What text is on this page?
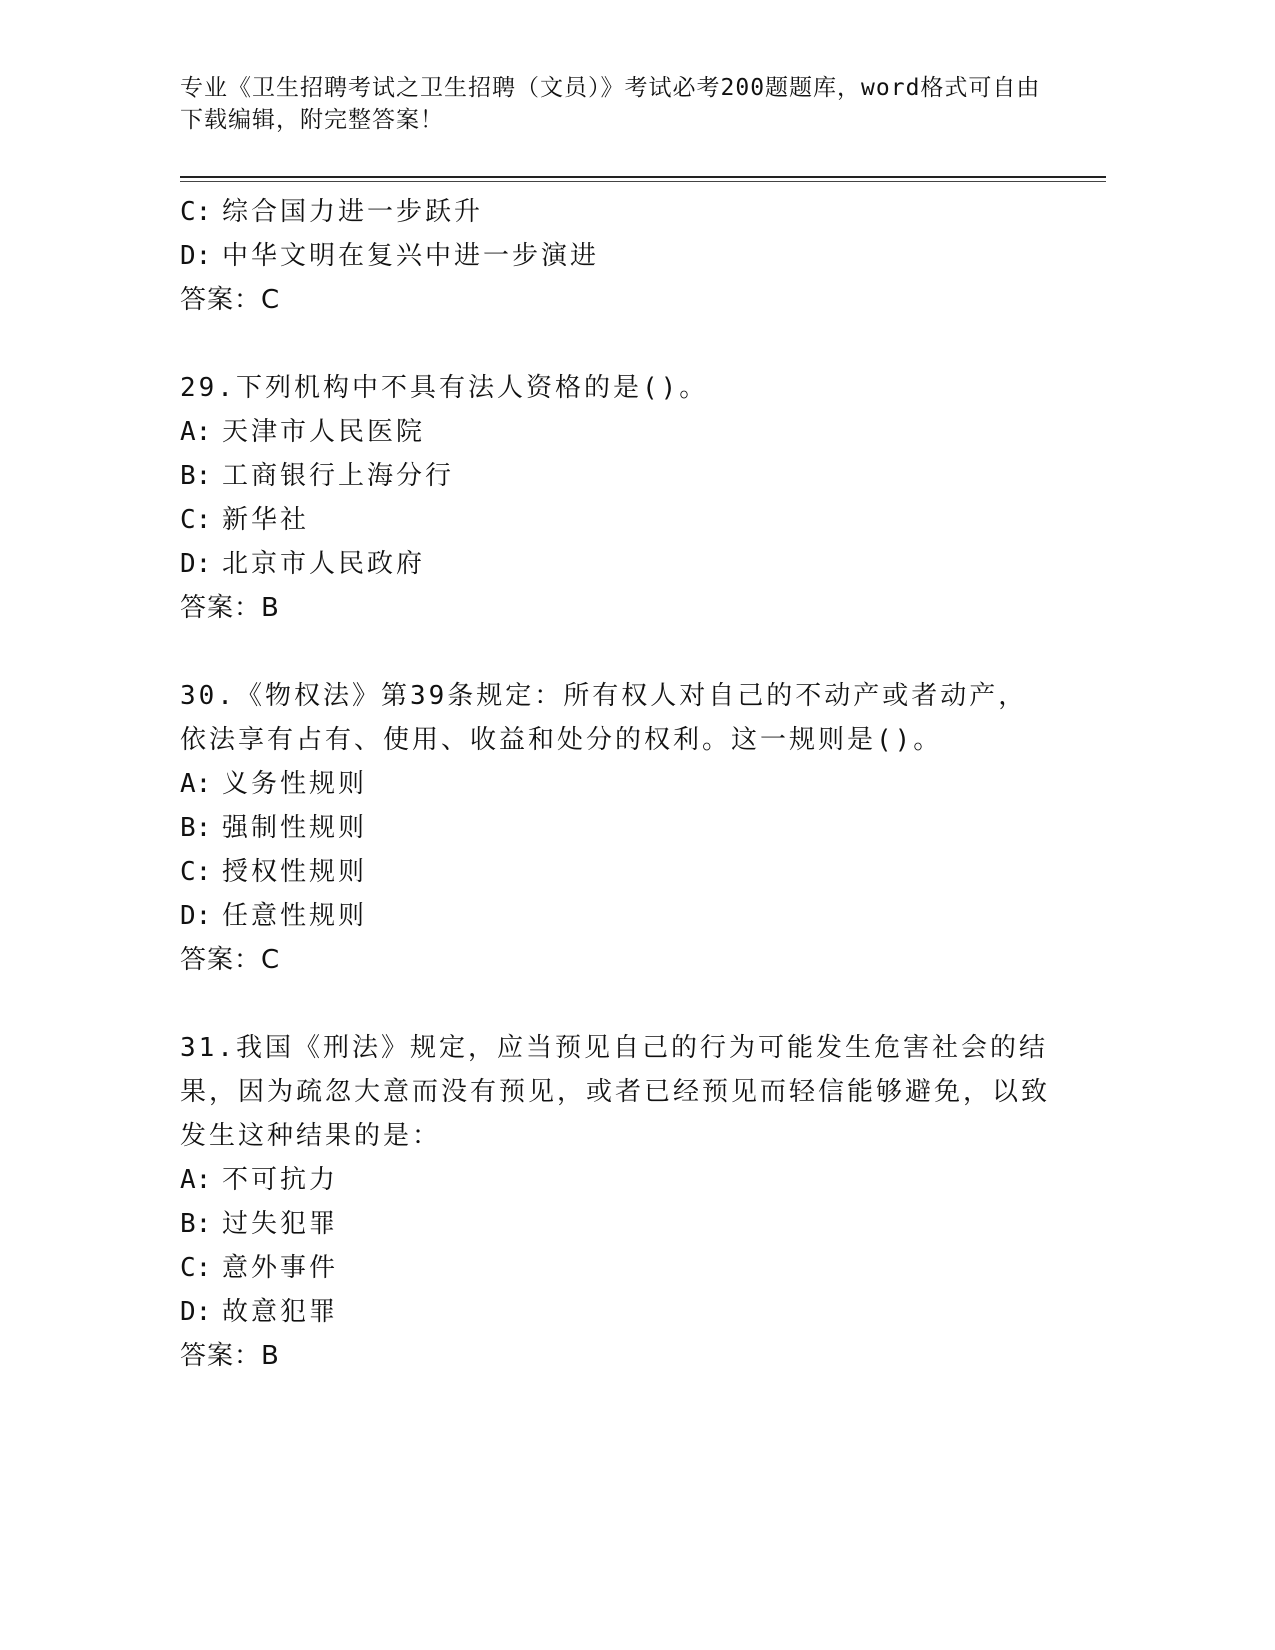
专业《卫生招聘考试之卫生招聘（文员）》考试必考200题题库，word格式可自由下载编辑，附完整答案！
C: 综合国力进一步跃升
D: 中华文明在复兴中进一步演进
答案：C
29.下列机构中不具有法人资格的是()。
A: 天津市人民医院
B: 工商银行上海分行
C: 新华社
D: 北京市人民政府
答案：B
30.《物权法》第39条规定：所有权人对自己的不动产或者动产，依法享有占有、使用、收益和处分的权利。这一规则是()。
A: 义务性规则
B: 强制性规则
C: 授权性规则
D: 任意性规则
答案：C
31.我国《刑法》规定，应当预见自己的行为可能发生危害社会的结果，因为疏忽大意而没有预见，或者已经预见而轻信能够避免，以致发生这种结果的是：
A: 不可抗力
B: 过失犯罪
C: 意外事件
D: 故意犯罪
答案：B
